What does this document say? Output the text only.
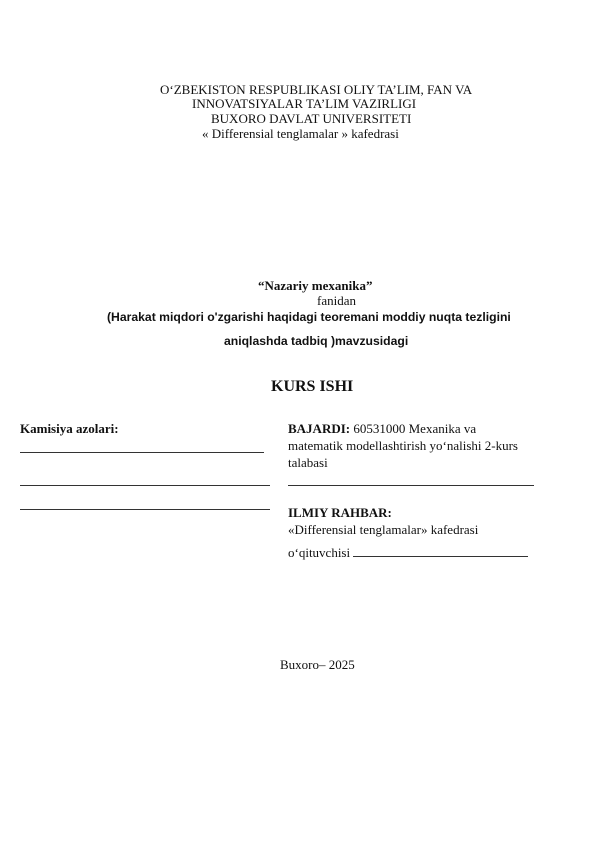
O‘ZBEKISTON RESPUBLIKASI OLIY TA’LIM, FAN VA
INNOVATSIYALAR TA’LIM VAZIRLIGI
BUXORO DAVLAT UNIVERSITETI
« Differensial tenglamalar » kafedrasi
“Nazariy mexanika”
fanidan
(Harakat miqdori o'zgarishi haqidagi teoremani moddiy nuqta tezligini
aniqlashda tadbiq )mavzusidagi
KURS ISHI
Kamisiya azolari:	BAJARDI: 60531000 Mexanika va
matematik modellashtirish yo‘nalishi 2-kurs
talabasi
ILMIY RAHBAR:
«Differensial tenglamalar» kafedrasi
o‘qituvchisi
Buxoro– 2025
